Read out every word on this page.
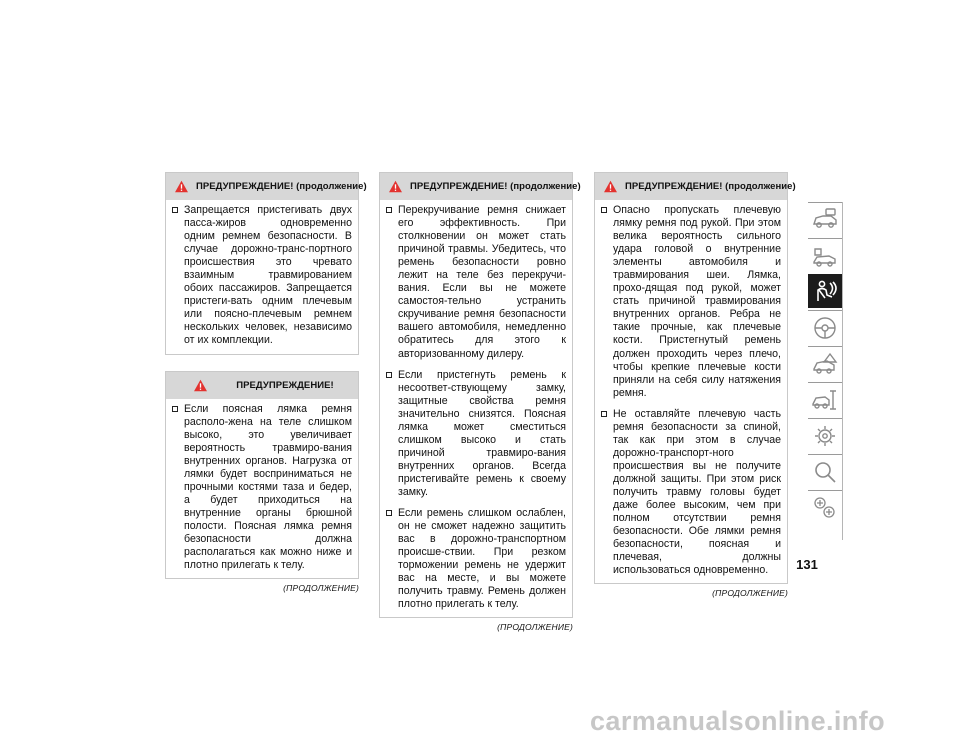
ПРЕДУПРЕЖДЕНИЕ! (продолжение)
Запрещается пристегивать двух пасса-жиров одновременно одним ремнем безопасности. В случае дорожно-транс-портного происшествия это чревато взаимным травмированием обоих пассажиров. Запрещается пристеги-вать одним плечевым или поясно-плечевым ремнем нескольких человек, независимо от их комплекции.
ПРЕДУПРЕЖДЕНИЕ!
Если поясная лямка ремня располо-жена на теле слишком высоко, это увеличивает вероятность травмиро-вания внутренних органов. Нагрузка от лямки будет восприниматься не прочными костями таза и бедер, а будет приходиться на внутренние органы брюшной полости. Поясная лямка ремня безопасности должна располагаться как можно ниже и плотно прилегать к телу.
(ПРОДОЛЖЕНИЕ)
ПРЕДУПРЕЖДЕНИЕ! (продолжение)
Перекручивание ремня снижает его эффективность. При столкновении он может стать причиной травмы. Убедитесь, что ремень безопасности ровно лежит на теле без перекручи-вания. Если вы не можете самостоя-тельно устранить скручивание ремня безопасности вашего автомобиля, немедленно обратитесь для этого к авторизованному дилеру.
Если пристегнуть ремень к несоответ-ствующему замку, защитные свойства ремня значительно снизятся. Поясная лямка может сместиться слишком высоко и стать причиной травмиро-вания внутренних органов. Всегда пристегивайте ремень к своему замку.
Если ремень слишком ослаблен, он не сможет надежно защитить вас в дорожно-транспортном происше-ствии. При резком торможении ремень не удержит вас на месте, и вы можете получить травму. Ремень должен плотно прилегать к телу.
(ПРОДОЛЖЕНИЕ)
ПРЕДУПРЕЖДЕНИЕ! (продолжение)
Опасно пропускать плечевую лямку ремня под рукой. При этом велика вероятность сильного удара головой о внутренние элементы автомобиля и травмирования шеи. Лямка, прохо-дящая под рукой, может стать причиной травмирования внутренних органов. Ребра не такие прочные, как плечевые кости. Пристегнутый ремень должен проходить через плечо, чтобы крепкие плечевые кости приняли на себя силу натяжения ремня.
Не оставляйте плечевую часть ремня безопасности за спиной, так как при этом в случае дорожно-транспорт-ного происшествия вы не получите должной защиты. При этом риск получить травму головы будет даже более высоким, чем при полном отсутствии ремня безопасности. Обе лямки ремня безопасности, поясная и плечевая, должны использоваться одновременно.
(ПРОДОЛЖЕНИЕ)
131
carmanualsonline.info
